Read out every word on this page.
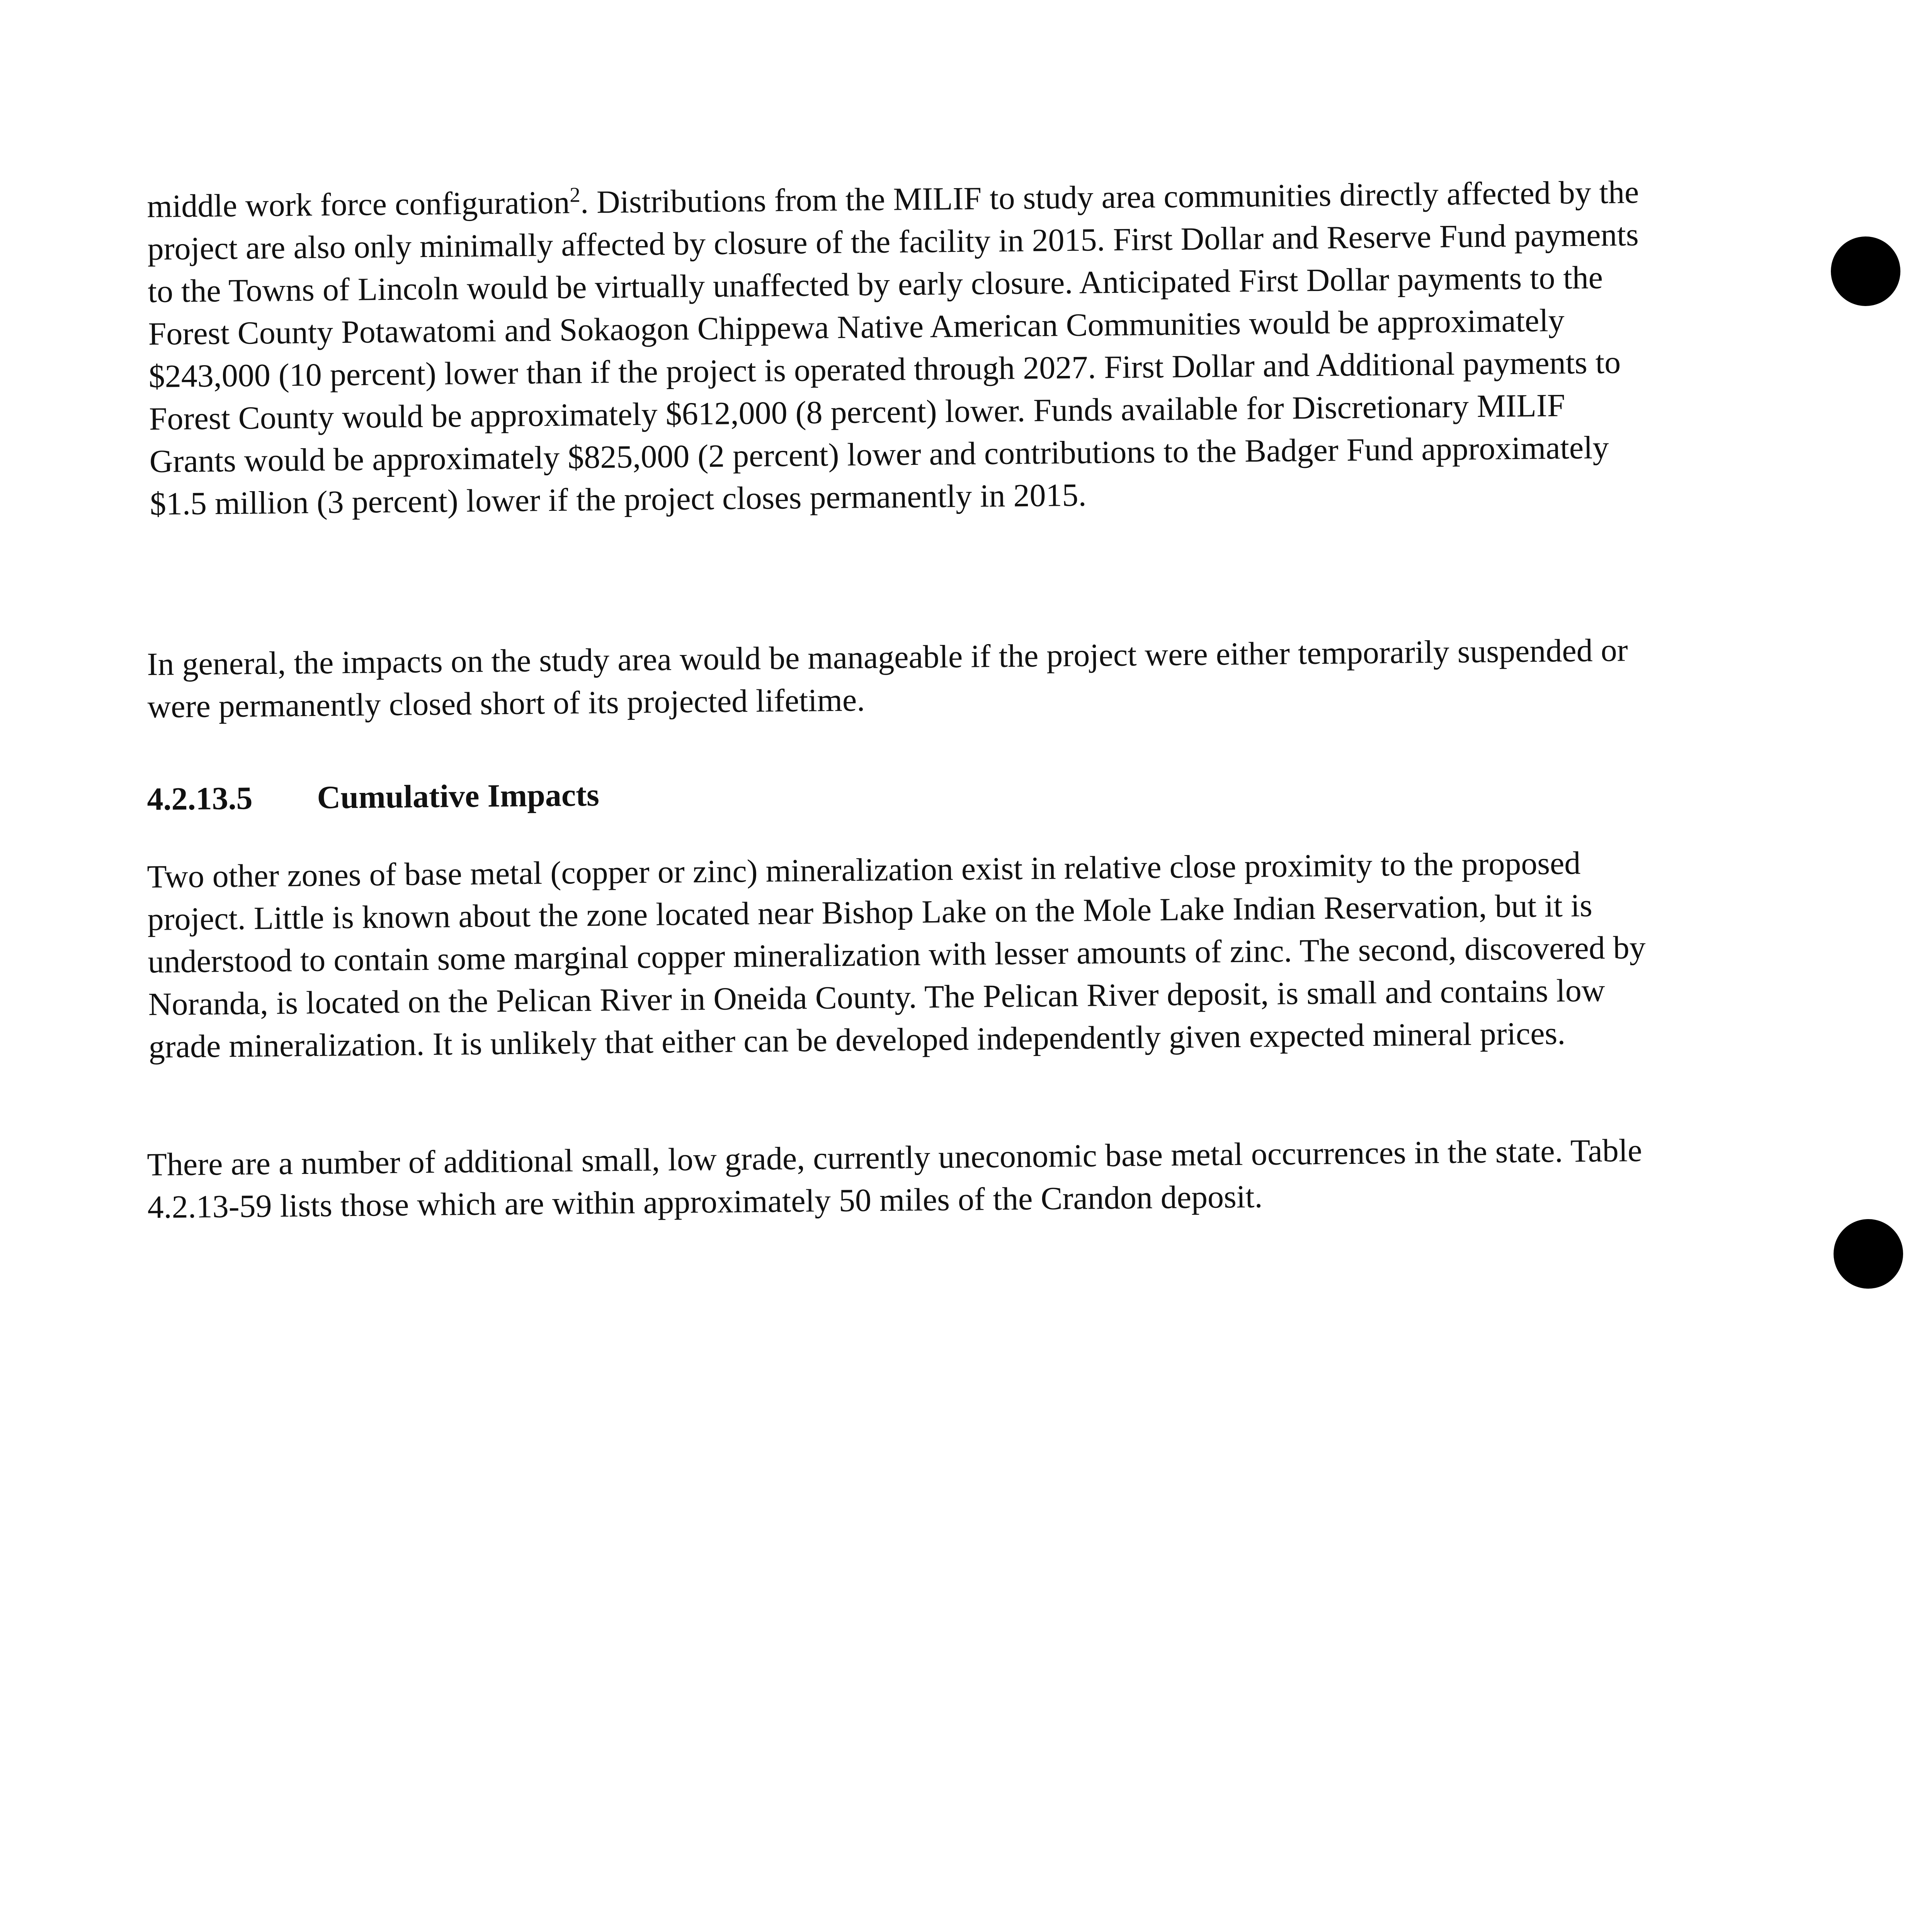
middle work force configuration$^2$. Distributions from the MILIF to study area communities directly affected by the project are also only minimally affected by closure of the facility in 2015. First Dollar and Reserve Fund payments to the Towns of Lincoln would be virtually unaffected by early closure. Anticipated First Dollar payments to the Forest County Potawatomi and Sokaogon Chippewa Native American Communities would be approximately $243,000 (10 percent) lower than if the project is operated through 2027. First Dollar and Additional payments to Forest County would be approximately $612,000 (8 percent) lower. Funds available for Discretionary MILIF Grants would be approximately $825,000 (2 percent) lower and contributions to the Badger Fund approximately $1.5 million (3 percent) lower if the project closes permanently in 2015.

In general, the impacts on the study area would be manageable if the project were either temporarily suspended or were permanently closed short of its projected lifetime.

4.2.13.5 Cumulative Impacts

Two other zones of base metal (copper or zinc) mineralization exist in relative close proximity to the proposed project. Little is known about the zone located near Bishop Lake on the Mole Lake Indian Reservation, but it is understood to contain some marginal copper mineralization with lesser amounts of zinc. The second, discovered by Noranda, is located on the Pelican River in Oneida County. The Pelican River deposit, is small and contains low grade mineralization. It is unlikely that either can be developed independently given expected mineral prices.

There are a number of additional small, low grade, currently uneconomic base metal occurrences in the state. Table 4.2.13-59 lists those which are within approximately 50 miles of the Crandon deposit.
